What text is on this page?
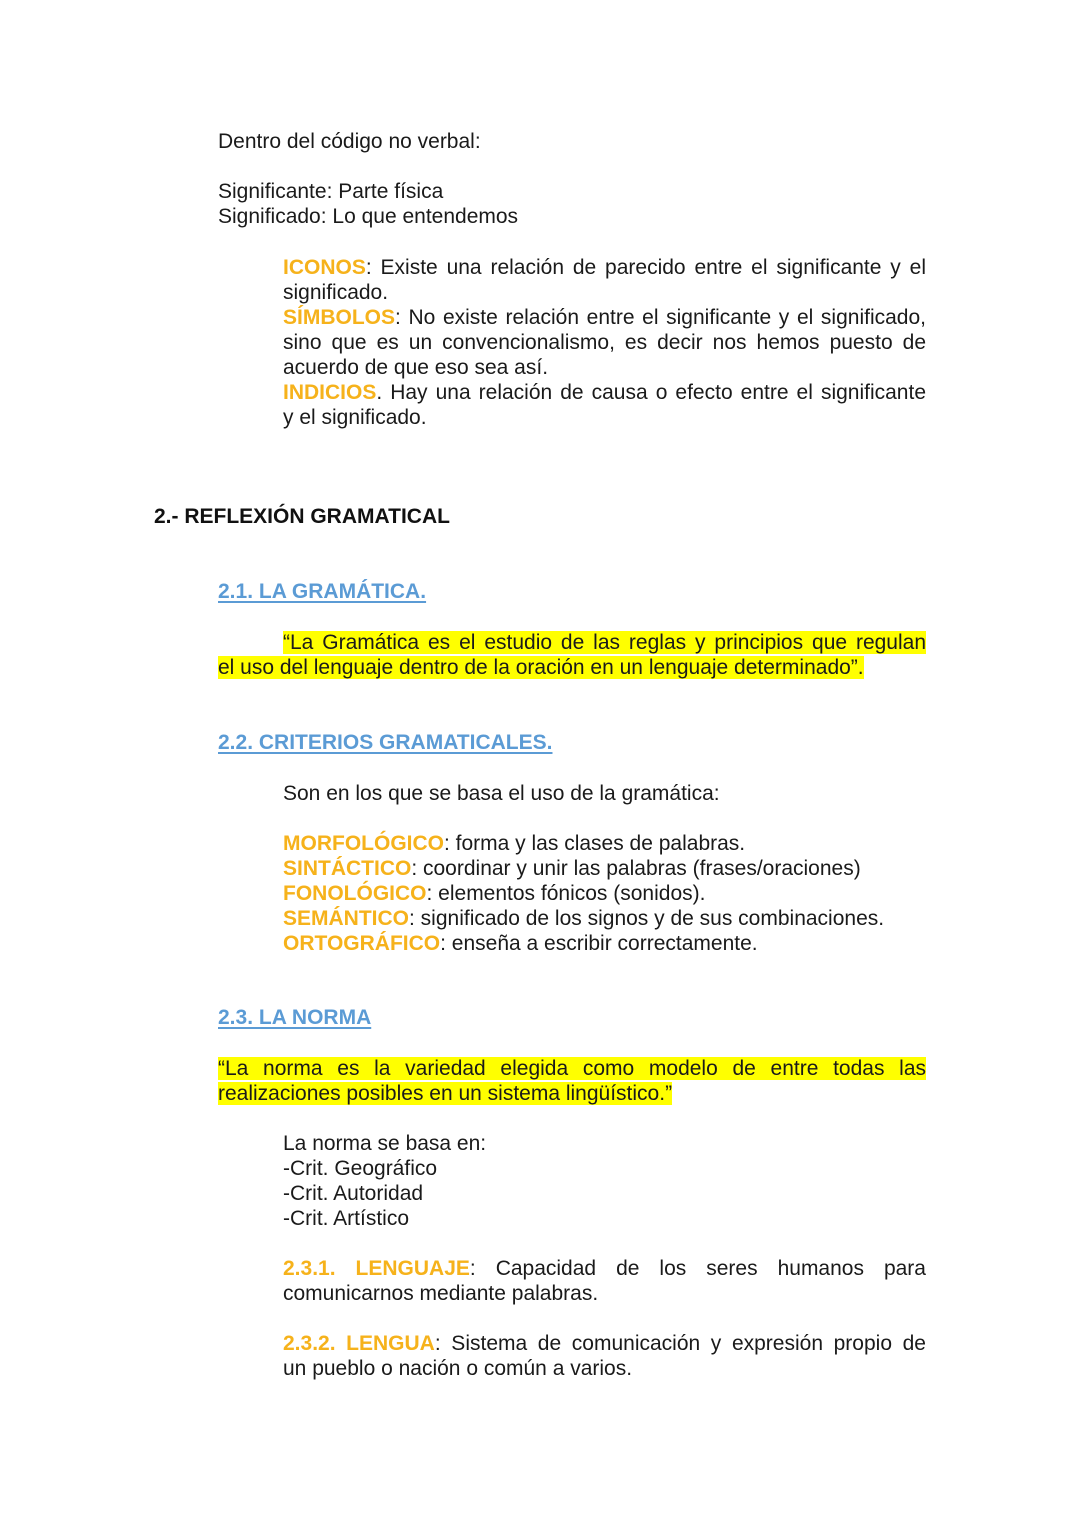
Dentro del código no verbal:
Significante: Parte física
Significado: Lo que entendemos
ICONOS: Existe una relación de parecido entre el significante y el
significado.
SÍMBOLOS: No existe relación entre el significante y el significado,
sino que es un convencionalismo, es decir nos hemos puesto de
acuerdo de que eso sea así.
INDICIOS. Hay una relación de causa o efecto entre el significante
y el significado.
2.- REFLEXIÓN GRAMATICAL
2.1. LA GRAMÁTICA.
“La Gramática es el estudio de las reglas y principios que regulan
el uso del lenguaje dentro de la oración en un lenguaje determinado”.
2.2. CRITERIOS GRAMATICALES.
Son en los que se basa el uso de la gramática:
MORFOLÓGICO: forma y las clases de palabras.
SINTÁCTICO: coordinar y unir las palabras (frases/oraciones)
FONOLÓGICO: elementos fónicos (sonidos).
SEMÁNTICO: significado de los signos y de sus combinaciones.
ORTOGRÁFICO: enseña a escribir correctamente.
2.3. LA NORMA
“La norma es la variedad elegida como modelo de entre todas las
realizaciones posibles en un sistema lingüístico.”
La norma se basa en:
-Crit. Geográfico
-Crit. Autoridad
-Crit. Artístico
2.3.1. LENGUAJE: Capacidad de los seres humanos para
comunicarnos mediante palabras.
2.3.2. LENGUA: Sistema de comunicación y expresión propio de
un pueblo o nación o común a varios.
